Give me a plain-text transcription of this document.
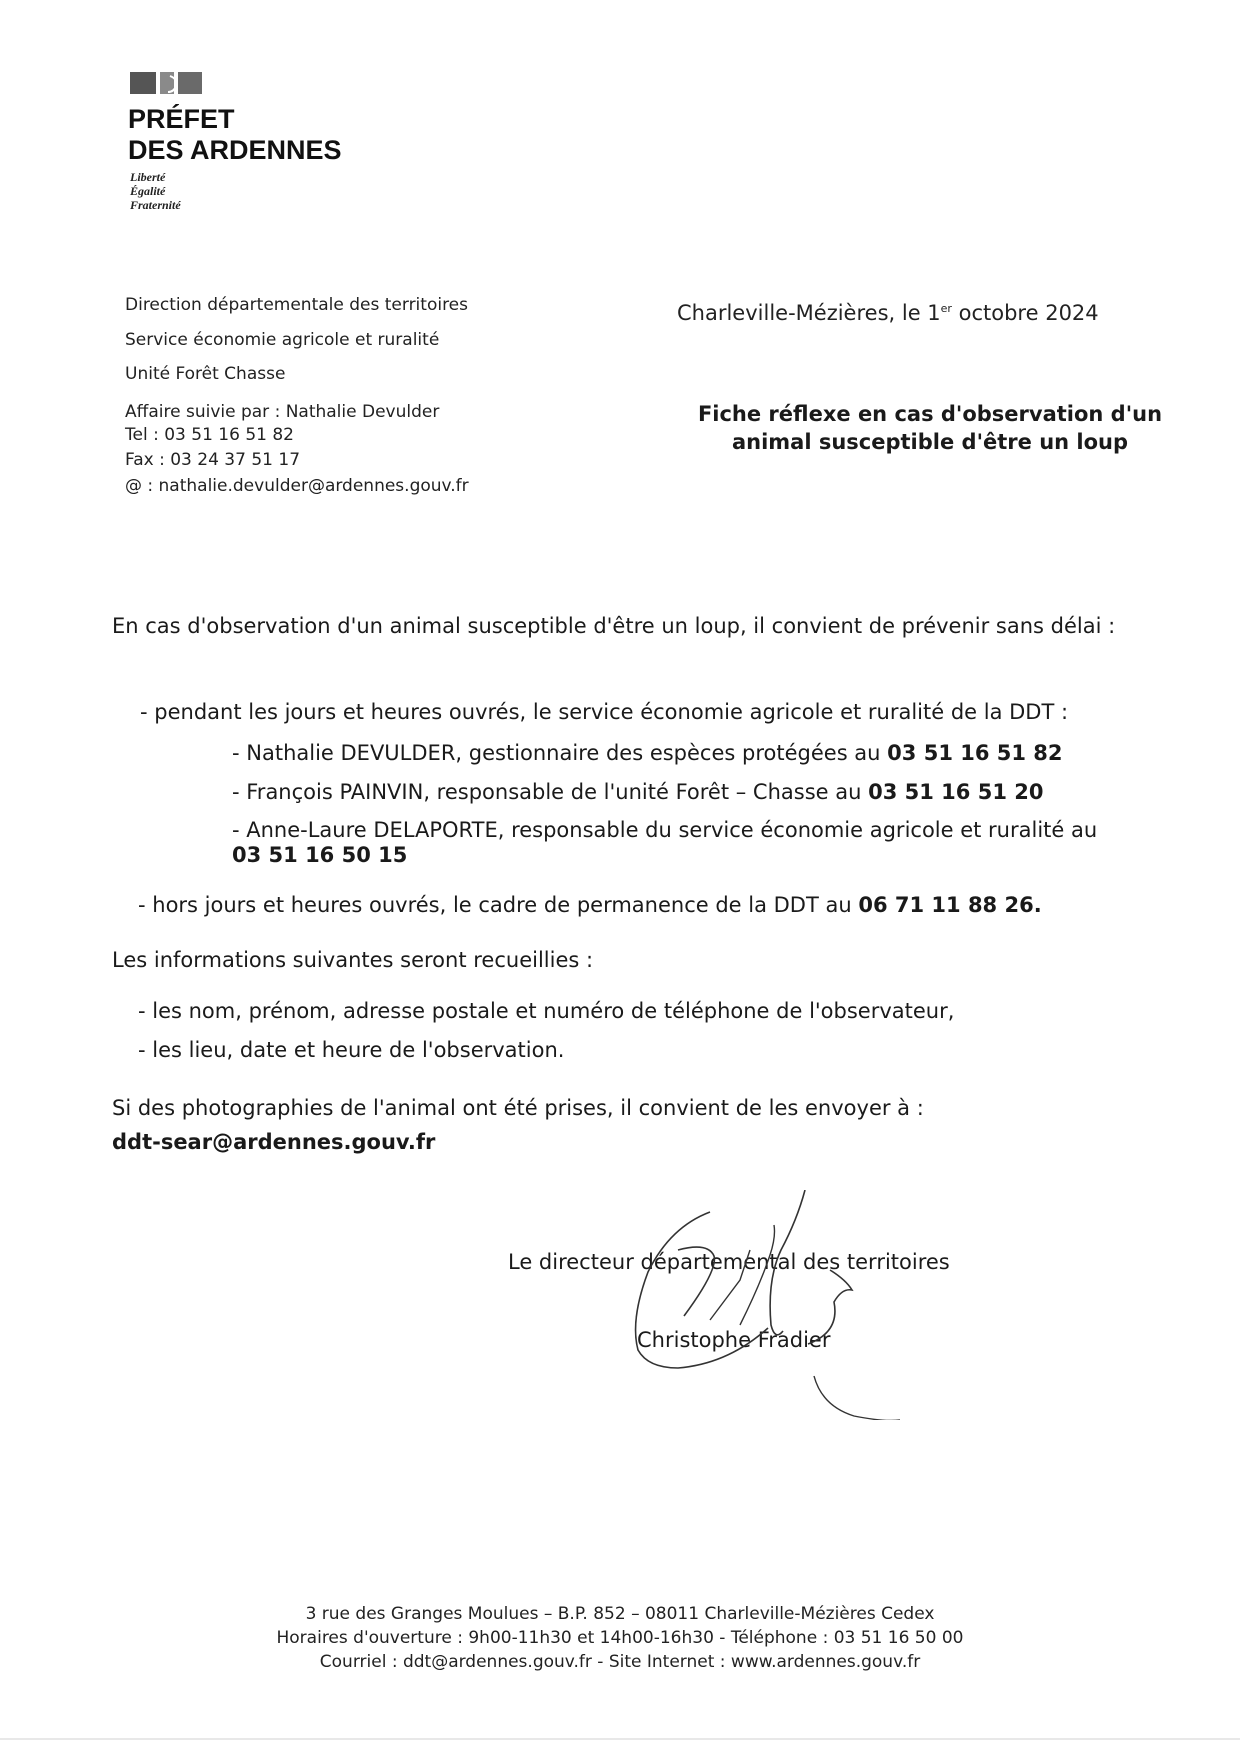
PRÉFET
DES ARDENNES
Liberté
Égalité
Fraternité
Direction départementale des territoires
Service économie agricole et ruralité
Unité Forêt Chasse
Affaire suivie par : Nathalie Devulder
Tel : 03 51 16 51 82
Fax : 03 24 37 51 17
@ : nathalie.devulder@ardennes.gouv.fr
Charleville-Mézières, le 1er octobre 2024
Fiche réflexe en cas d'observation d'un
animal susceptible d'être un loup
En cas d'observation d'un animal susceptible d'être un loup, il convient de prévenir sans délai :
- pendant les jours et heures ouvrés, le service économie agricole et ruralité de la DDT :
- Nathalie DEVULDER, gestionnaire des espèces protégées au 03 51 16 51 82
- François PAINVIN, responsable de l'unité Forêt – Chasse au 03 51 16 51 20
- Anne-Laure DELAPORTE, responsable du service économie agricole et ruralité au
03 51 16 50 15
- hors jours et heures ouvrés, le cadre de permanence de la DDT au 06 71 11 88 26.
Les informations suivantes seront recueillies :
- les nom, prénom, adresse postale et numéro de téléphone de l'observateur,
- les lieu, date et heure de l'observation.
Si des photographies de l'animal ont été prises, il convient de les envoyer à :
ddt-sear@ardennes.gouv.fr
Le directeur départemental des territoires
Christophe Fradier
3 rue des Granges Moulues – B.P. 852 – 08011 Charleville-Mézières Cedex
Horaires d'ouverture : 9h00-11h30 et 14h00-16h30 - Téléphone : 03 51 16 50 00
Courriel : ddt@ardennes.gouv.fr - Site Internet : www.ardennes.gouv.fr
